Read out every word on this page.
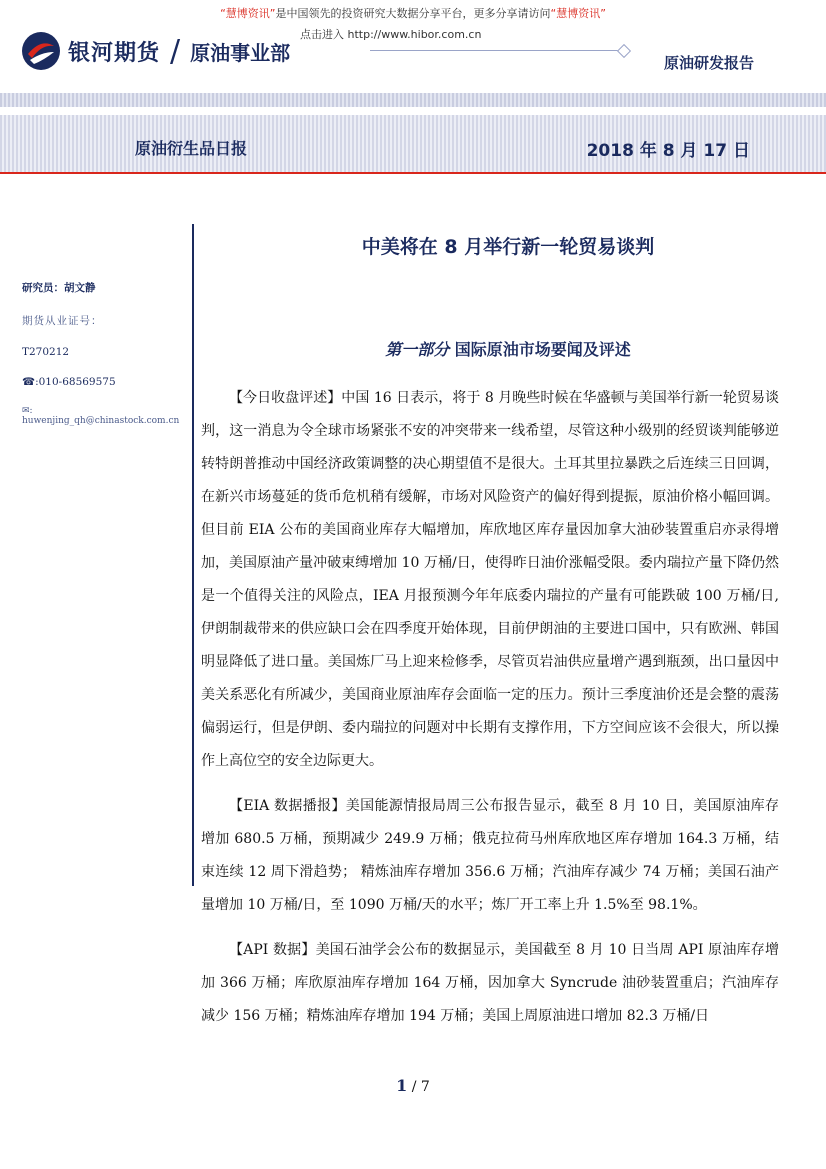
“慧博资讯”是中国领先的投资研究大数据分享平台，更多分享请访问“慧博资讯”
点击进入 http://www.hibor.com.cn
银河期货 / 原油事业部	原油研发报告
原油衍生品日报	2018 年 8 月 17 日
研究员：胡文静
期货从业证号：
T270212
☎:010-68569575
✉: huwenjing_qh@chinastock.com.cn
中美将在 8 月举行新一轮贸易谈判
第一部分 国际原油市场要闻及评述

【今日收盘评述】中国 16 日表示，将于 8 月晚些时候在华盛顿与美国举行新一轮贸易谈判，这一消息为令全球市场紧张不安的冲突带来一线希望，尽管这种小级别的经贸谈判能够逆转特朗普推动中国经济政策调整的决心期望值不是很大。土耳其里拉暴跌之后连续三日回调，在新兴市场蔓延的货币危机稍有缓解，市场对风险资产的偏好得到提振，原油价格小幅回调。但目前 EIA 公布的美国商业库存大幅增加，库欣地区库存量因加拿大油砂装置重启亦录得增加，美国原油产量冲破束缚增加 10 万桶/日，使得昨日油价涨幅受限。委内瑞拉产量下降仍然是一个值得关注的风险点，IEA 月报预测今年年底委内瑞拉的产量有可能跌破 100 万桶/日,伊朗制裁带来的供应缺口会在四季度开始体现，目前伊朗油的主要进口国中，只有欧洲、韩国明显降低了进口量。美国炼厂马上迎来检修季，尽管页岩油供应量增产遇到瓶颈，出口量因中美关系恶化有所减少，美国商业原油库存会面临一定的压力。预计三季度油价还是会整的震荡偏弱运行，但是伊朗、委内瑞拉的问题对中长期有支撑作用，下方空间应该不会很大，所以操作上高位空的安全边际更大。

【EIA 数据播报】美国能源情报局周三公布报告显示，截至 8 月 10 日，美国原油库存增加 680.5 万桶，预期减少 249.9 万桶；俄克拉荷马州库欣地区库存增加 164.3 万桶，结束连续 12 周下滑趋势； 精炼油库存增加 356.6 万桶；汽油库存减少 74 万桶；美国石油产量增加 10 万桶/日，至 1090 万桶/天的水平；炼厂开工率上升 1.5%至 98.1%。

【API 数据】美国石油学会公布的数据显示，美国截至 8 月 10 日当周 API 原油库存增加 366 万桶；库欣原油库存增加 164 万桶，因加拿大 Syncrude 油砂装置重启；汽油库存减少 156 万桶；精炼油库存增加 194 万桶；美国上周原油进口增加 82.3 万桶/日

1 / 7
